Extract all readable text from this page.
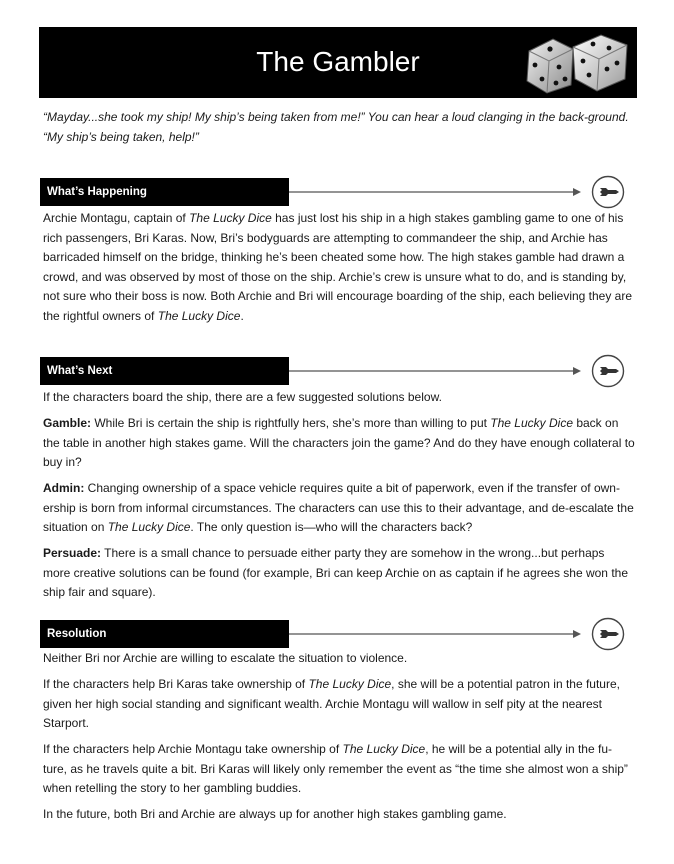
The Gambler
“Mayday...she took my ship! My ship’s being taken from me!” You can hear a loud clanging in the back-ground. “My ship’s being taken, help!”
What’s Happening

Archie Montagu, captain of The Lucky Dice has just lost his ship in a high stakes gambling game to one of his rich passengers, Bri Karas. Now, Bri’s bodyguards are attempting to commandeer the ship, and Archie has barricaded himself on the bridge, thinking he’s been cheated some how. The high stakes gamble had drawn a crowd, and was observed by most of those on the ship. Archie’s crew is unsure what to do, and is standing by, not sure who their boss is now. Both Archie and Bri will encourage boarding of the ship, each believing they are the rightful owners of The Lucky Dice.

What’s Next

If the characters board the ship, there are a few suggested solutions below.

Gamble: While Bri is certain the ship is rightfully hers, she’s more than willing to put The Lucky Dice back on the table in another high stakes game. Will the characters join the game? And do they have enough collateral to buy in?

Admin: Changing ownership of a space vehicle requires quite a bit of paperwork, even if the transfer of own-ership is born from informal circumstances. The characters can use this to their advantage, and de-escalate the situation on The Lucky Dice. The only question is—who will the characters back?

Persuade: There is a small chance to persuade either party they are somehow in the wrong...but perhaps more creative solutions can be found (for example, Bri can keep Archie on as captain if he agrees she won the ship fair and square).

Resolution

Neither Bri nor Archie are willing to escalate the situation to violence.

If the characters help Bri Karas take ownership of The Lucky Dice, she will be a potential patron in the future, given her high social standing and significant wealth. Archie Montagu will wallow in self pity at the nearest Starport.

If the characters help Archie Montagu take ownership of The Lucky Dice, he will be a potential ally in the fu-ture, as he travels quite a bit. Bri Karas will likely only remember the event as “the time she almost won a ship” when retelling the story to her gambling buddies.

In the future, both Bri and Archie are always up for another high stakes gambling game.
